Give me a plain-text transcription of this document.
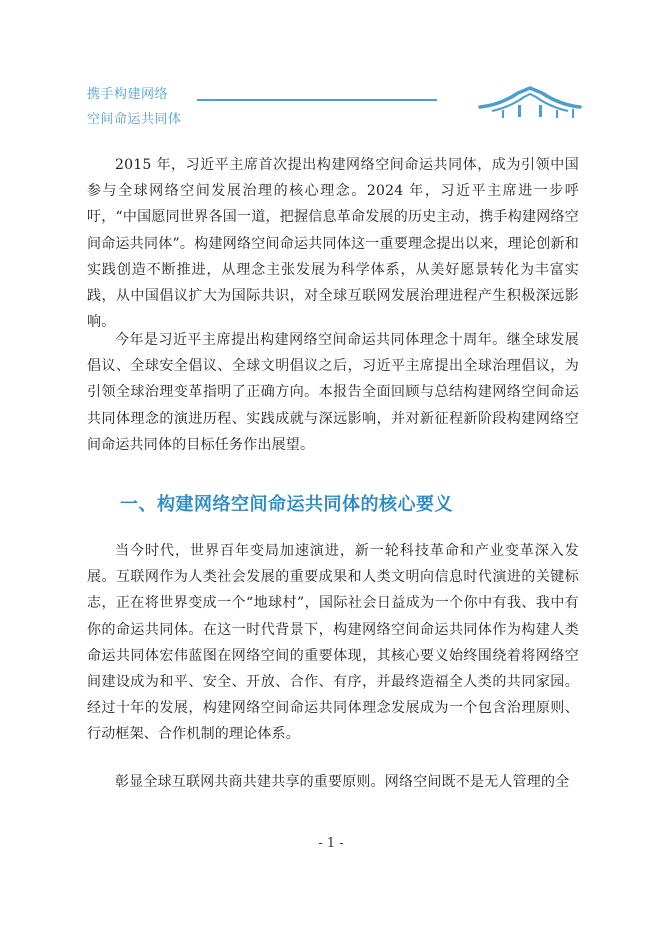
携手构建网络
空间命运共同体

2015 年，习近平主席首次提出构建网络空间命运共同体，成为引领中国参与全球网络空间发展治理的核心理念。2024 年，习近平主席进一步呼吁，“中国愿同世界各国一道，把握信息革命发展的历史主动，携手构建网络空间命运共同体”。构建网络空间命运共同体这一重要理念提出以来，理论创新和实践创造不断推进，从理念主张发展为科学体系，从美好愿景转化为丰富实践，从中国倡议扩大为国际共识，对全球互联网发展治理进程产生积极深远影响。

今年是习近平主席提出构建网络空间命运共同体理念十周年。继全球发展倡议、全球安全倡议、全球文明倡议之后，习近平主席提出全球治理倡议，为引领全球治理变革指明了正确方向。本报告全面回顾与总结构建网络空间命运共同体理念的演进历程、实践成就与深远影响，并对新征程新阶段构建网络空间命运共同体的目标任务作出展望。

一、构建网络空间命运共同体的核心要义

当今时代，世界百年变局加速演进，新一轮科技革命和产业变革深入发展。互联网作为人类社会发展的重要成果和人类文明向信息时代演进的关键标志，正在将世界变成一个“地球村”，国际社会日益成为一个你中有我、我中有你的命运共同体。在这一时代背景下，构建网络空间命运共同体作为构建人类命运共同体宏伟蓝图在网络空间的重要体现，其核心要义始终围绕着将网络空间建设成为和平、安全、开放、合作、有序，并最终造福全人类的共同家园。经过十年的发展，构建网络空间命运共同体理念发展成为一个包含治理原则、行动框架、合作机制的理论体系。

彰显全球互联网共商共建共享的重要原则。网络空间既不是无人管理的全

- 1 -
